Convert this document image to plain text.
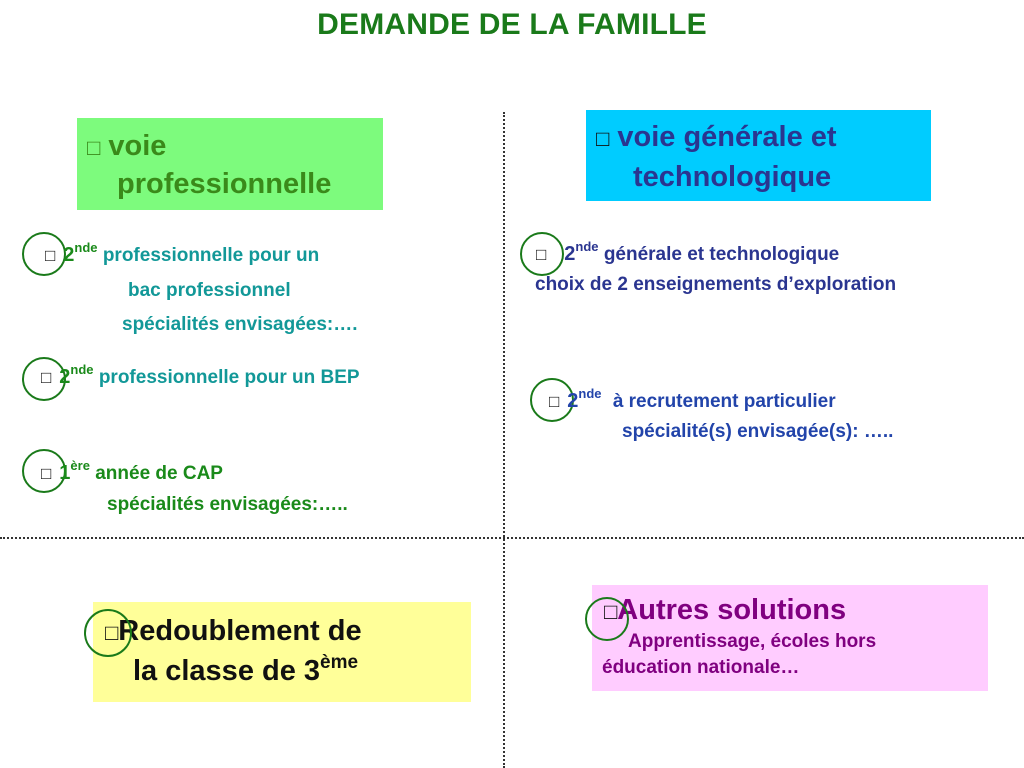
DEMANDE DE LA FAMILLE
□ voie
professionnelle
□ voie générale et
technologique
□ 2nde professionnelle pour un
bac professionnel
spécialités envisagées:….
□ 2nde professionnelle pour un BEP
□ 1ère année de CAP
spécialités envisagées:…..
□ 2nde générale et technologique
choix de 2 enseignements d’exploration
□ 2nde à recrutement particulier
spécialité(s) envisagée(s): …..
□Redoublement de
la classe de 3ème
□Autres solutions
Apprentissage, écoles hors
éducation nationale…
